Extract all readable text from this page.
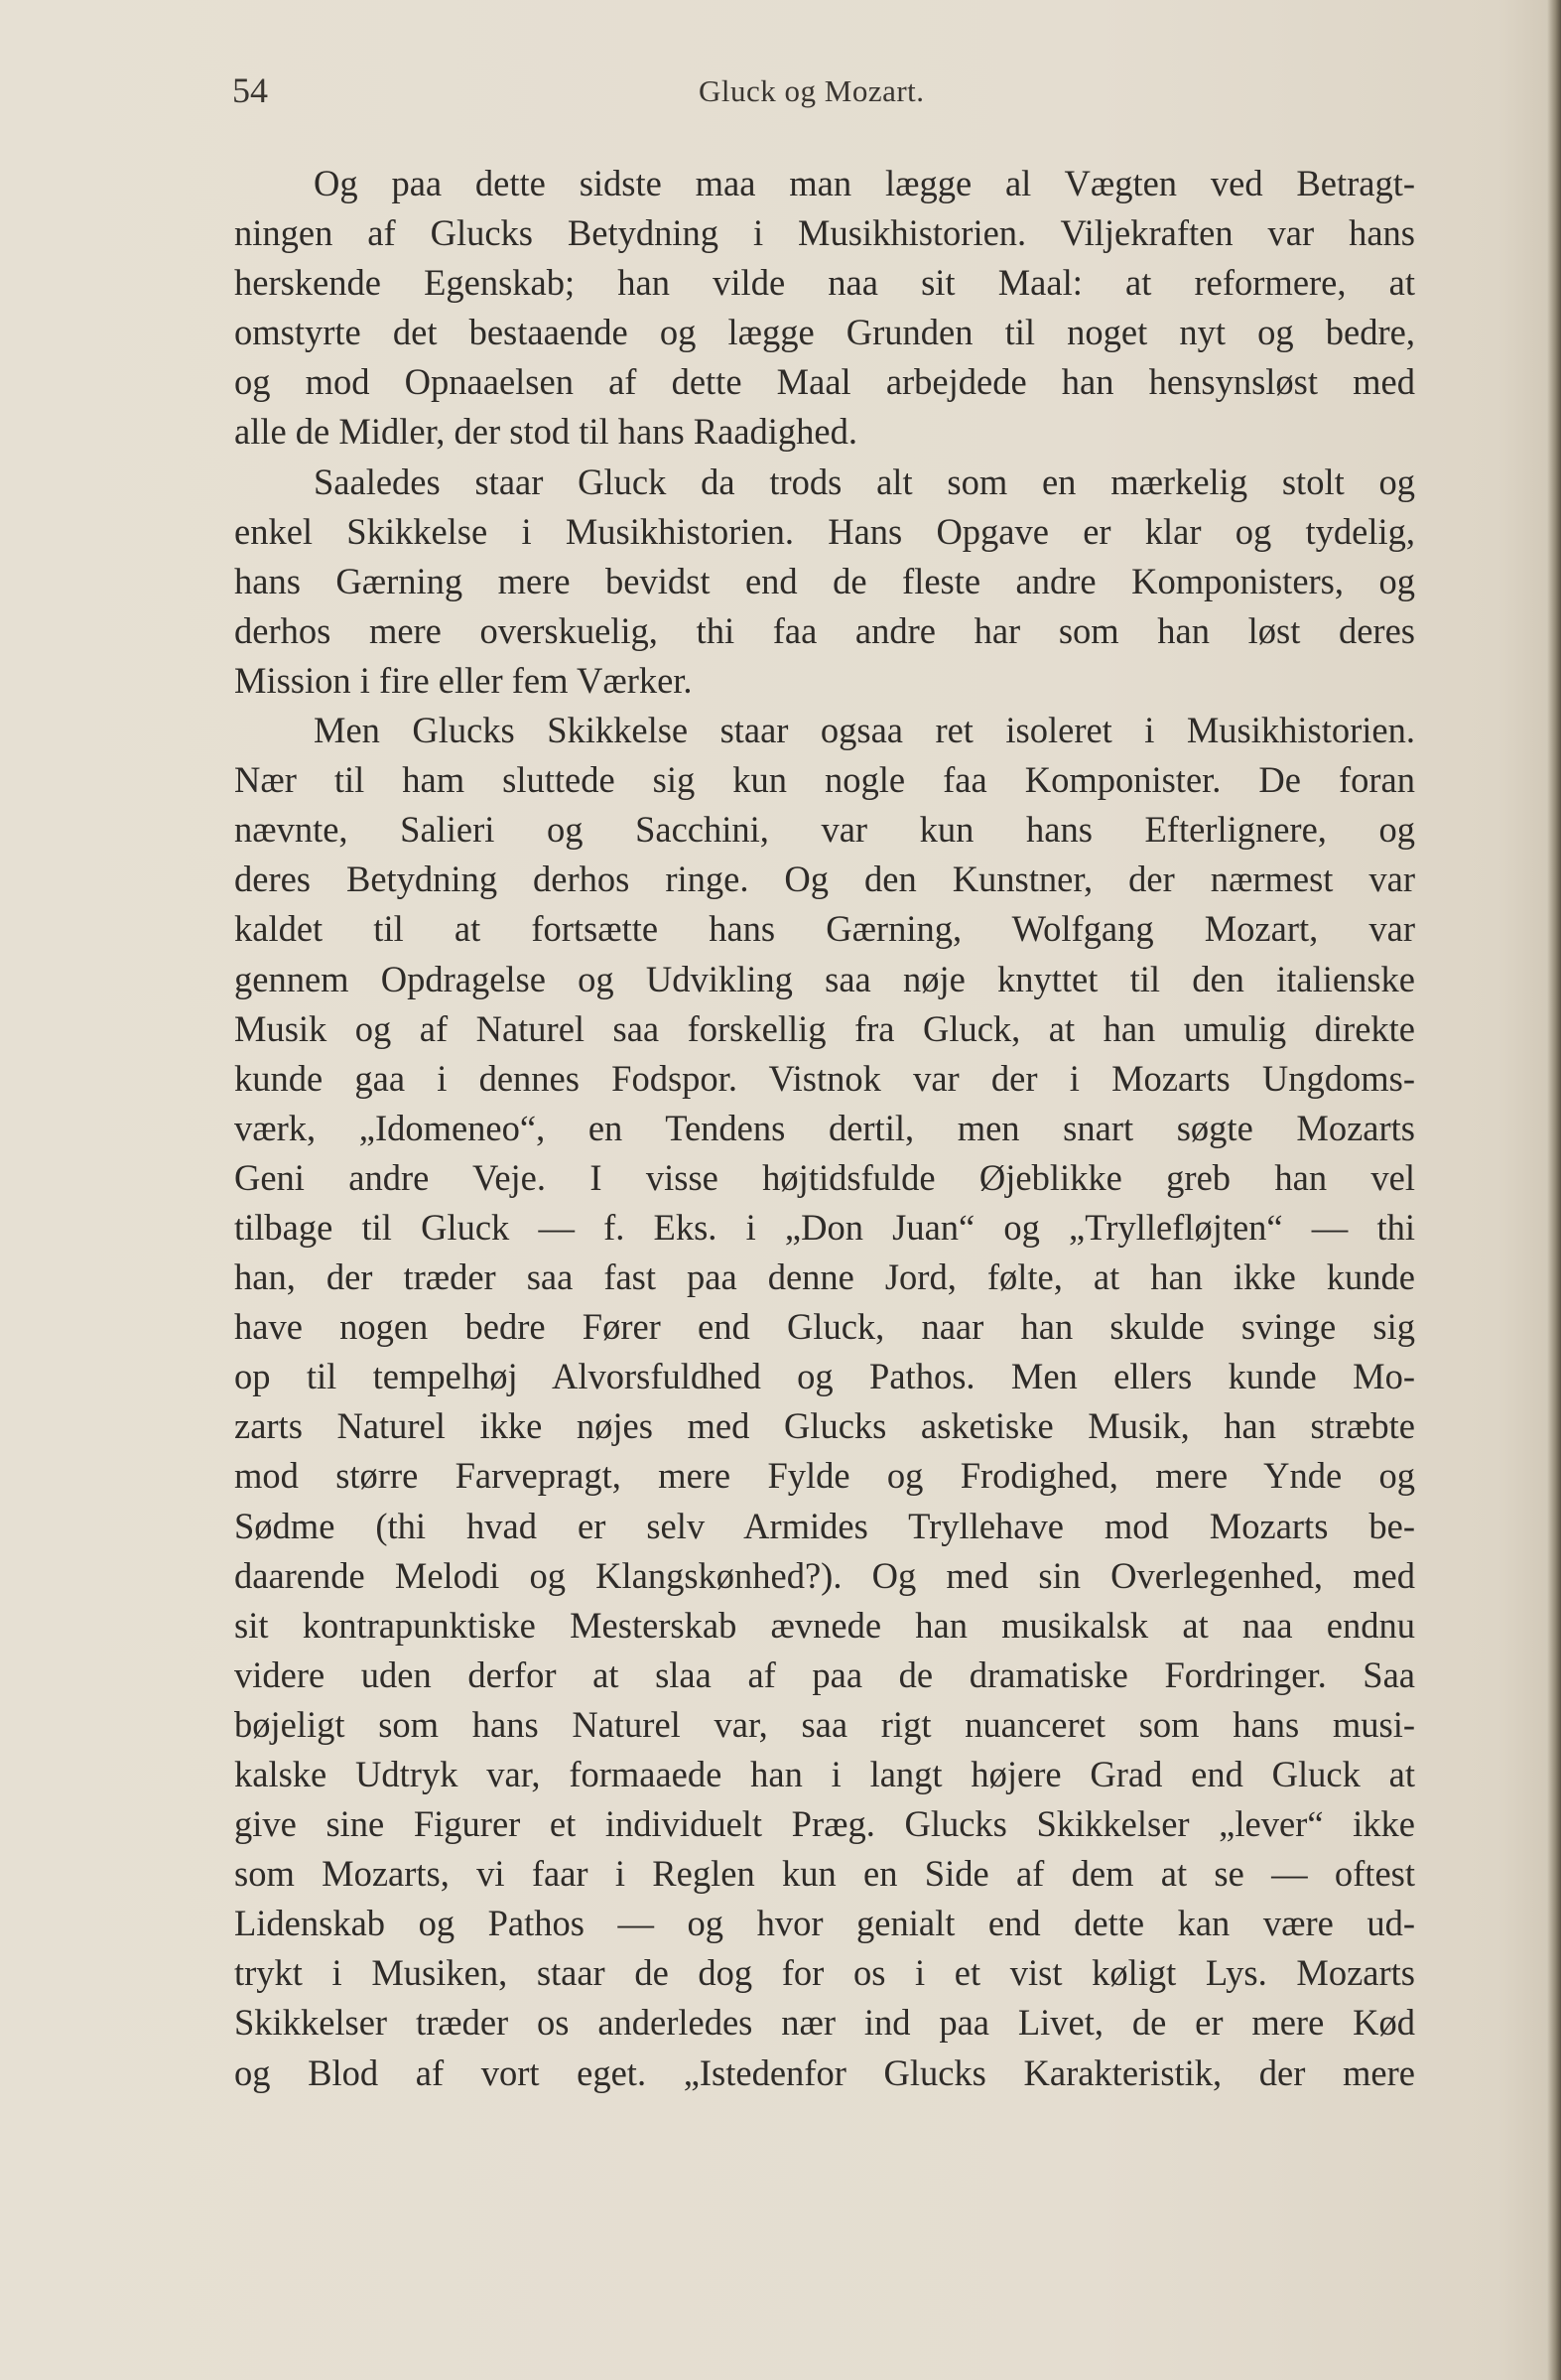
54	Gluck og Mozart.
Og paa dette sidste maa man lægge al Vægten ved Betragt-
ningen af Glucks Betydning i Musikhistorien. Viljekraften var hans
herskende Egenskab; han vilde naa sit Maal: at reformere, at
omstyrte det bestaaende og lægge Grunden til noget nyt og bedre,
og mod Opnaaelsen af dette Maal arbejdede han hensynsløst med
alle de Midler, der stod til hans Raadighed.
Saaledes staar Gluck da trods alt som en mærkelig stolt og
enkel Skikkelse i Musikhistorien. Hans Opgave er klar og tydelig,
hans Gærning mere bevidst end de fleste andre Komponisters, og
derhos mere overskuelig, thi faa andre har som han løst deres
Mission i fire eller fem Værker.
Men Glucks Skikkelse staar ogsaa ret isoleret i Musikhistorien.
Nær til ham sluttede sig kun nogle faa Komponister. De foran
nævnte, Salieri og Sacchini, var kun hans Efterlignere, og
deres Betydning derhos ringe. Og den Kunstner, der nærmest var
kaldet til at fortsætte hans Gærning, Wolfgang Mozart, var
gennem Opdragelse og Udvikling saa nøje knyttet til den italienske
Musik og af Naturel saa forskellig fra Gluck, at han umulig direkte
kunde gaa i dennes Fodspor. Vistnok var der i Mozarts Ungdoms-
værk, „Idomeneo“, en Tendens dertil, men snart søgte Mozarts
Geni andre Veje. I visse højtidsfulde Øjeblikke greb han vel
tilbage til Gluck — f. Eks. i „Don Juan“ og „Tryllefløjten“ — thi
han, der træder saa fast paa denne Jord, følte, at han ikke kunde
have nogen bedre Fører end Gluck, naar han skulde svinge sig
op til tempelhøj Alvorsfuldhed og Pathos. Men ellers kunde Mo-
zarts Naturel ikke nøjes med Glucks asketiske Musik, han stræbte
mod større Farvepragt, mere Fylde og Frodighed, mere Ynde og
Sødme (thi hvad er selv Armides Tryllehave mod Mozarts be-
daarende Melodi og Klangskønhed?). Og med sin Overlegenhed, med
sit kontrapunktiske Mesterskab ævnede han musikalsk at naa endnu
videre uden derfor at slaa af paa de dramatiske Fordringer. Saa
bøjeligt som hans Naturel var, saa rigt nuanceret som hans musi-
kalske Udtryk var, formaaede han i langt højere Grad end Gluck at
give sine Figurer et individuelt Præg. Glucks Skikkelser „lever“ ikke
som Mozarts, vi faar i Reglen kun en Side af dem at se — oftest
Lidenskab og Pathos — og hvor genialt end dette kan være ud-
trykt i Musiken, staar de dog for os i et vist køligt Lys. Mozarts
Skikkelser træder os anderledes nær ind paa Livet, de er mere Kød
og Blod af vort eget. „Istedenfor Glucks Karakteristik, der mere
